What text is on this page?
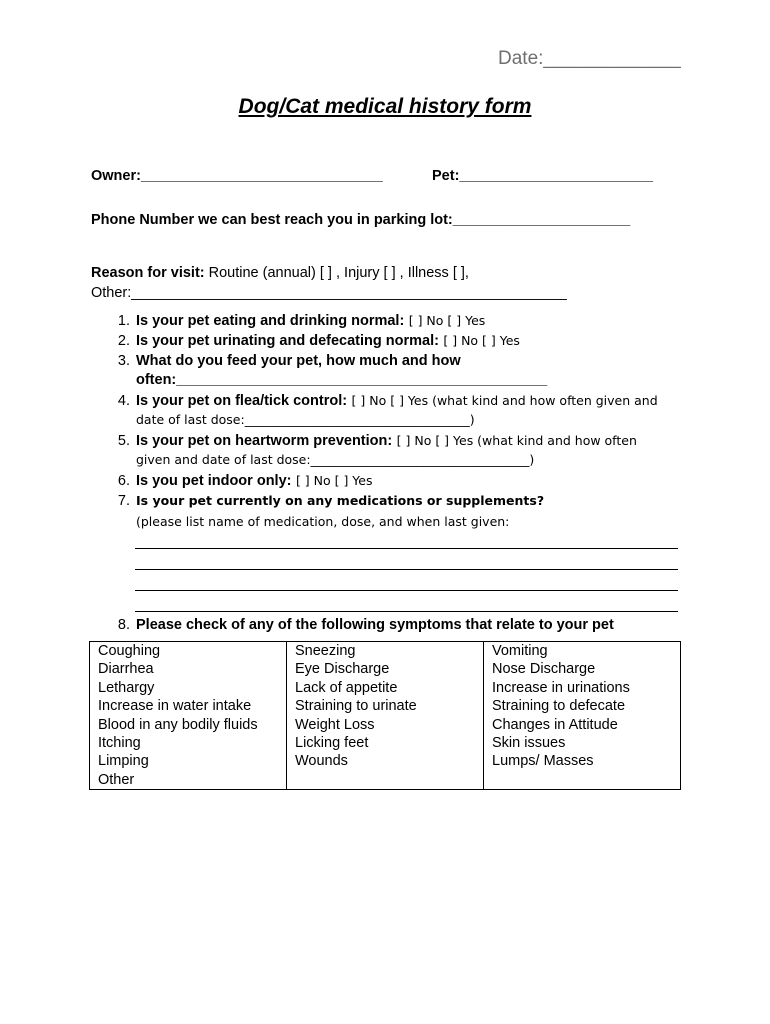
Date:_____________
Dog/Cat medical history form
Owner:______________________________	Pet:________________________
Phone Number we can best reach you in parking lot:______________________
Reason for visit: Routine (annual) [ ] , Injury [ ] , Illness [ ],
Other:______________________________________________________
1. Is your pet eating and drinking normal: [ ] No [ ] Yes
2. Is your pet urinating and defecating normal: [ ] No [ ] Yes
3. What do you feed your pet, how much and how
often:______________________________________________
4. Is your pet on flea/tick control: [ ] No [ ] Yes (what kind and how often given and
date of last dose:____________________________________)
5. Is your pet on heartworm prevention: [ ] No [ ] Yes (what kind and how often
given and date of last dose:___________________________________)
6. Is you pet indoor only: [ ] No [ ] Yes
7. Is your pet currently on any medications or supplements?
(please list name of medication, dose, and when last given:
8. Please check of any of the following symptoms that relate to your pet
Coughing	Sneezing	Vomiting
Diarrhea	Eye Discharge	Nose Discharge
Lethargy	Lack of appetite	Increase in urinations
Increase in water intake	Straining to urinate	Straining to defecate
Blood in any bodily fluids	Weight Loss	Changes in Attitude
Itching	Licking feet	Skin issues
Limping	Wounds	Lumps/ Masses
Other		
